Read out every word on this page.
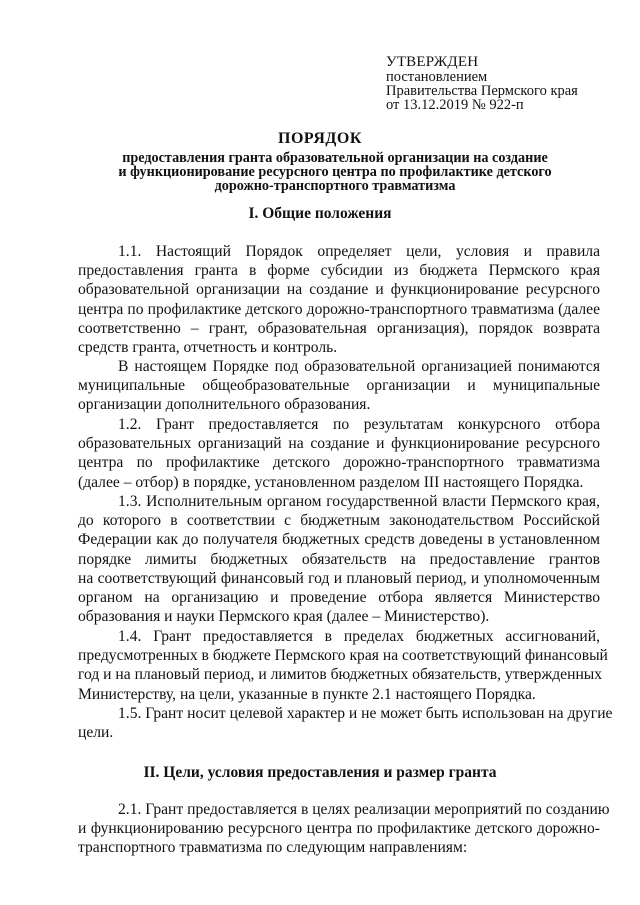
УТВЕРЖДЕН
постановлением
Правительства Пермского края
от 13.12.2019 № 922-п
ПОРЯДОК
предоставления гранта образовательной организации на создание
и функционирование ресурсного центра по профилактике детского
дорожно-транспортного травматизма
I. Общие положения
1.1. Настоящий Порядок определяет цели, условия и правила
предоставления гранта в форме субсидии из бюджета Пермского края
образовательной организации на создание и функционирование ресурсного
центра по профилактике детского дорожно-транспортного травматизма (далее
соответственно – грант, образовательная организация), порядок возврата
средств гранта, отчетность и контроль.
В настоящем Порядке под образовательной организацией понимаются
муниципальные общеобразовательные организации и муниципальные
организации дополнительного образования.
1.2. Грант предоставляется по результатам конкурсного отбора
образовательных организаций на создание и функционирование ресурсного
центра по профилактике детского дорожно-транспортного травматизма
(далее – отбор) в порядке, установленном разделом III настоящего Порядка.
1.3. Исполнительным органом государственной власти Пермского края,
до которого в соответствии с бюджетным законодательством Российской
Федерации как до получателя бюджетных средств доведены в установленном
порядке лимиты бюджетных обязательств на предоставление грантов
на соответствующий финансовый год и плановый период, и уполномоченным
органом на организацию и проведение отбора является Министерство
образования и науки Пермского края (далее – Министерство).
1.4. Грант предоставляется в пределах бюджетных ассигнований,
предусмотренных в бюджете Пермского края на соответствующий финансовый
год и на плановый период, и лимитов бюджетных обязательств, утвержденных
Министерству, на цели, указанные в пункте 2.1 настоящего Порядка.
1.5. Грант носит целевой характер и не может быть использован на другие
цели.
II. Цели, условия предоставления и размер гранта
2.1. Грант предоставляется в целях реализации мероприятий по созданию
и функционированию ресурсного центра по профилактике детского дорожно-
транспортного травматизма по следующим направлениям:
